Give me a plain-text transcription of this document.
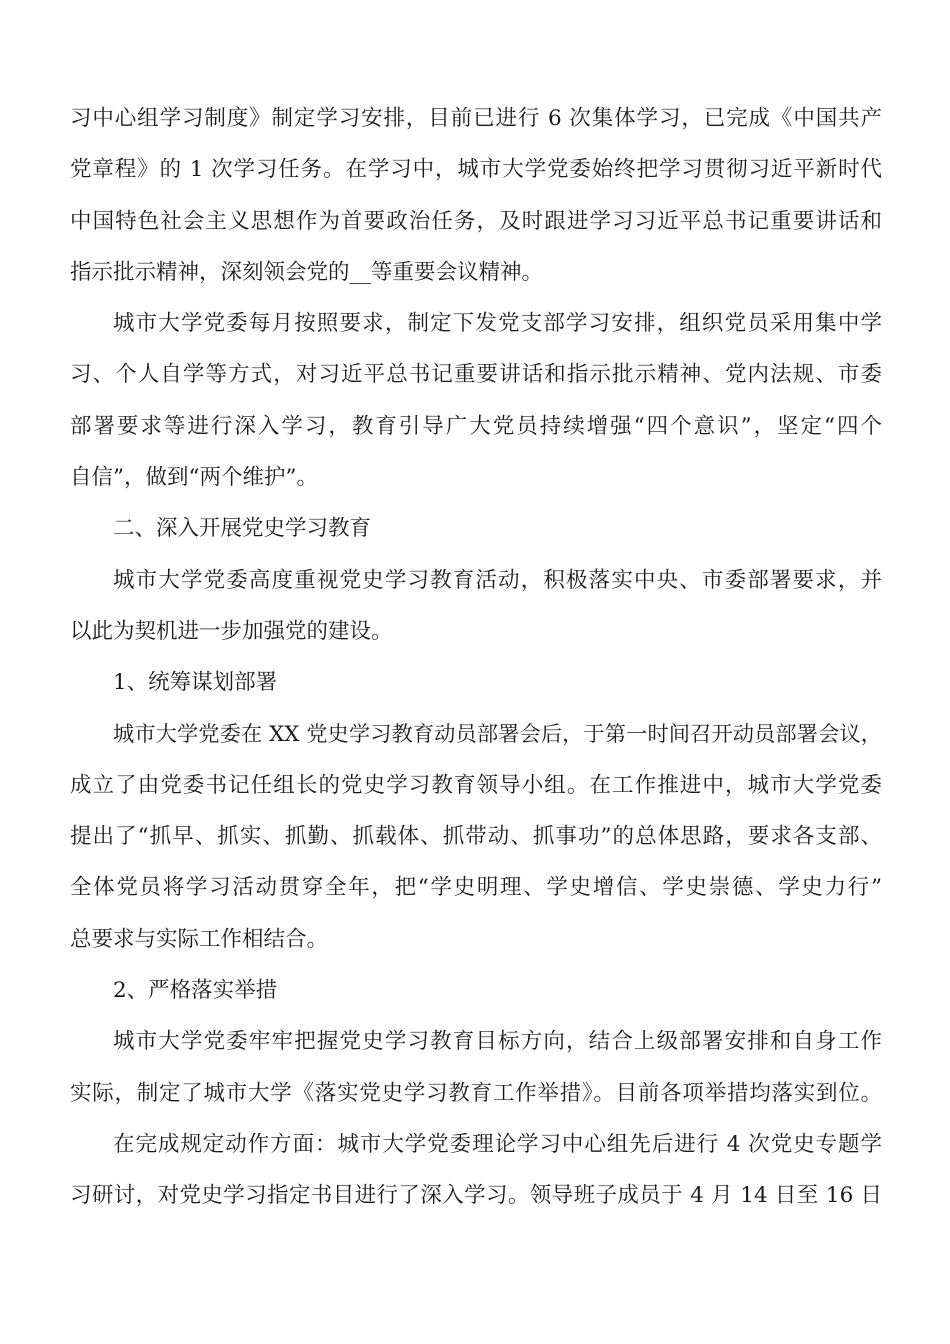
习中心组学习制度》制定学习安排，目前已进行 6 次集体学习，已完成《中国共产
党章程》的 1 次学习任务。在学习中，城市大学党委始终把学习贯彻习近平新时代
中国特色社会主义思想作为首要政治任务，及时跟进学习习近平总书记重要讲话和
指示批示精神，深刻领会党的__等重要会议精神。
城市大学党委每月按照要求，制定下发党支部学习安排，组织党员采用集中学
习、个人自学等方式，对习近平总书记重要讲话和指示批示精神、党内法规、市委
部署要求等进行深入学习，教育引导广大党员持续增强“四个意识”，坚定“四个
自信”，做到“两个维护”。
二、深入开展党史学习教育
城市大学党委高度重视党史学习教育活动，积极落实中央、市委部署要求，并
以此为契机进一步加强党的建设。
1、统筹谋划部署
城市大学党委在 XX 党史学习教育动员部署会后，于第一时间召开动员部署会议，
成立了由党委书记任组长的党史学习教育领导小组。在工作推进中，城市大学党委
提出了“抓早、抓实、抓勤、抓载体、抓带动、抓事功”的总体思路，要求各支部、
全体党员将学习活动贯穿全年，把“学史明理、学史增信、学史崇德、学史力行”
总要求与实际工作相结合。
2、严格落实举措
城市大学党委牢牢把握党史学习教育目标方向，结合上级部署安排和自身工作
实际，制定了城市大学《落实党史学习教育工作举措》。目前各项举措均落实到位。
在完成规定动作方面：城市大学党委理论学习中心组先后进行 4 次党史专题学
习研讨，对党史学习指定书目进行了深入学习。领导班子成员于 4 月 14 日至 16 日
